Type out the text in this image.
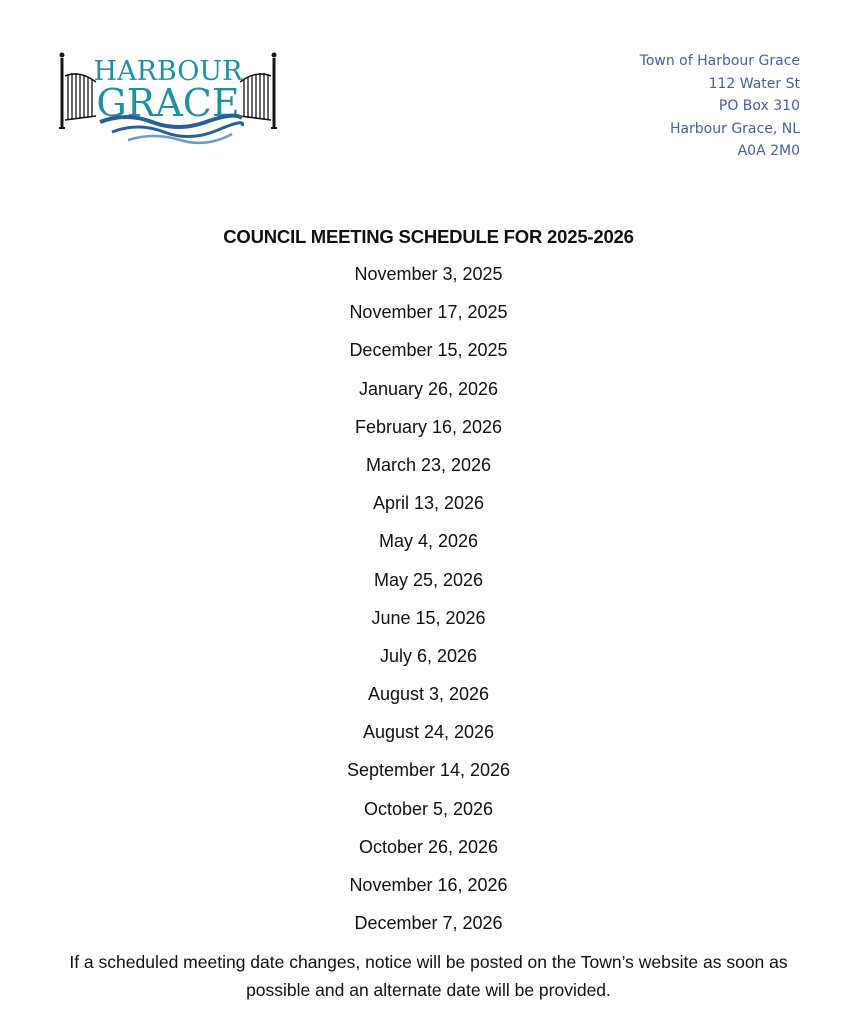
HARBOUR
GRACE
Town of Harbour Grace
112 Water St
PO Box 310
Harbour Grace, NL
A0A 2M0
COUNCIL MEETING SCHEDULE FOR 2025-2026
November 3, 2025
November 17, 2025
December 15, 2025
January 26, 2026
February 16, 2026
March 23, 2026
April 13, 2026
May 4, 2026
May 25, 2026
June 15, 2026
July 6, 2026
August 3, 2026
August 24, 2026
September 14, 2026
October 5, 2026
October 26, 2026
November 16, 2026
December 7, 2026
If a scheduled meeting date changes, notice will be posted on the Town’s website as soon as possible and an alternate date will be provided.
